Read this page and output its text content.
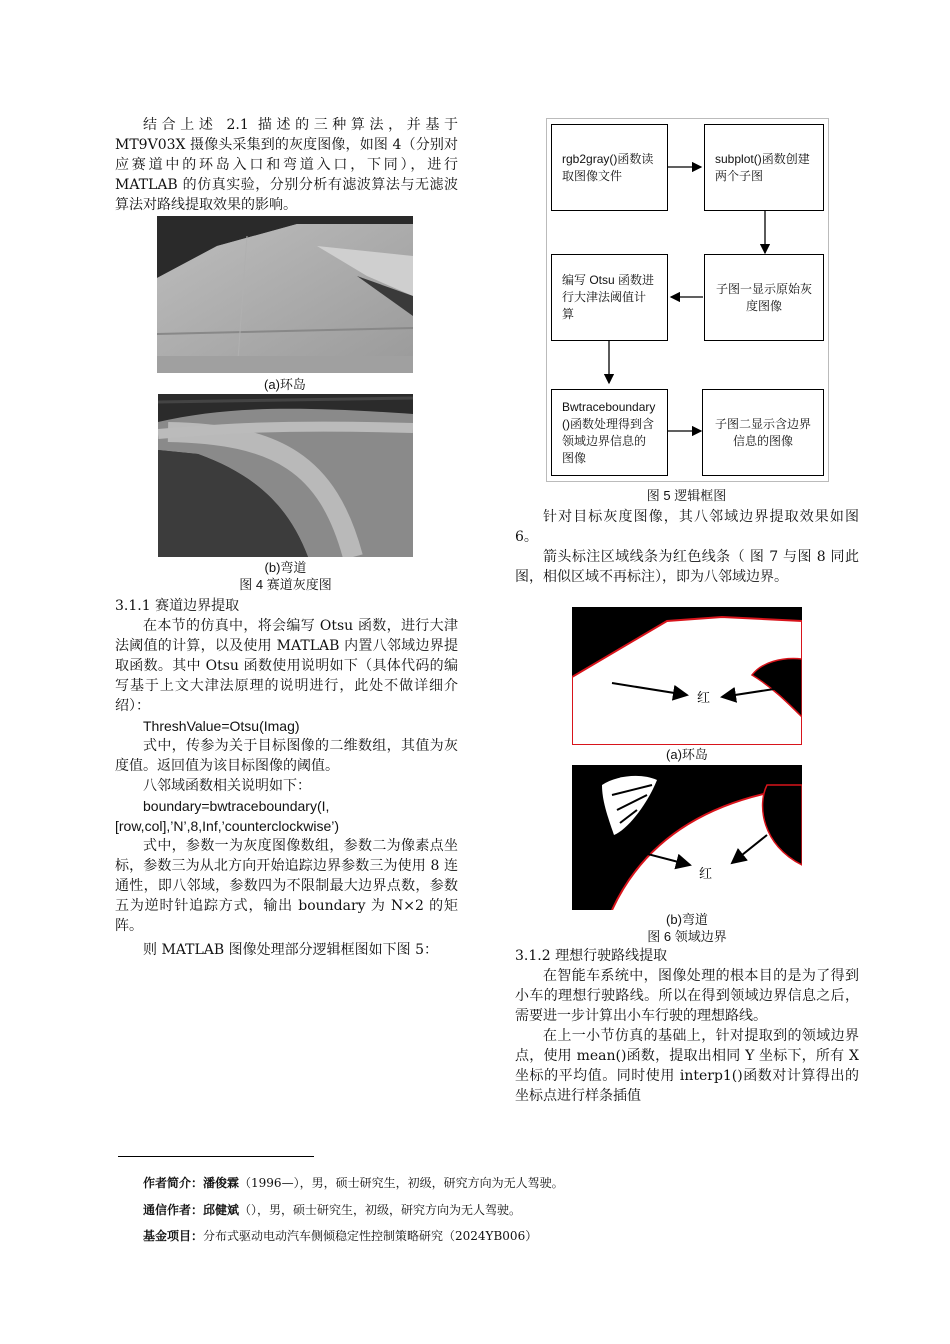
结合上述 2.1 描述的三种算法，并基于 MT9V03X 摄像头采集到的灰度图像，如图 4（分别对应赛道中的环岛入口和弯道入口，下同），进行 MATLAB 的仿真实验，分别分析有滤波算法与无滤波算法对路线提取效果的影响。

(a)环岛
(b)弯道
图 4 赛道灰度图

3.1.1 赛道边界提取

在本节的仿真中，将会编写 Otsu 函数，进行大津法阈值的计算，以及使用 MATLAB 内置八邻域边界提取函数。其中 Otsu 函数使用说明如下（具体代码的编写基于上文大津法原理的说明进行，此处不做详细介绍）：

ThreshValue=Otsu(Imag)

式中，传参为关于目标图像的二维数组，其值为灰度值。返回值为该目标图像的阈值。

八邻域函数相关说明如下：

boundary=bwtraceboundary(I,

[row,col],’N’,8,Inf,’counterclockwise’)

式中，参数一为灰度图像数组，参数二为像素点坐标，参数三为从北方向开始追踪边界参数三为使用 8 连通性，即八邻域，参数四为不限制最大边界点数，参数五为逆时针追踪方式，输出 boundary 为 N×2 的矩阵。

则 MATLAB 图像处理部分逻辑框图如下图 5：

rgb2gray()函数读取图像文件
subplot()函数创建两个子图
编写 Otsu 函数进行大津法阈值计算
子图一显示原始灰度图像
Bwtraceboundary()函数处理得到含领域边界信息的图像
子图二显示含边界信息的图像
图 5 逻辑框图

针对目标灰度图像，其八邻域边界提取效果如图 6。

箭头标注区域线条为红色线条（ 图 7 与图 8 同此图，相似区域不再标注），即为八邻域边界。

红
(a)环岛
红
(b)弯道
图 6 领域边界

3.1.2 理想行驶路线提取

在智能车系统中，图像处理的根本目的是为了得到小车的理想行驶路线。所以在得到领域边界信息之后，需要进一步计算出小车行驶的理想路线。

在上一小节仿真的基础上，针对提取到的领域边界点，使用 mean()函数，提取出相同 Y 坐标下，所有 X 坐标的平均值。同时使用 interp1()函数对计算得出的坐标点进行样条插值

作者简介：潘俊霖（1996—），男，硕士研究生，初级，研究方向为无人驾驶。
通信作者：邱健斌（），男，硕士研究生，初级，研究方向为无人驾驶。
基金项目：分布式驱动电动汽车侧倾稳定性控制策略研究（2024YB006）
